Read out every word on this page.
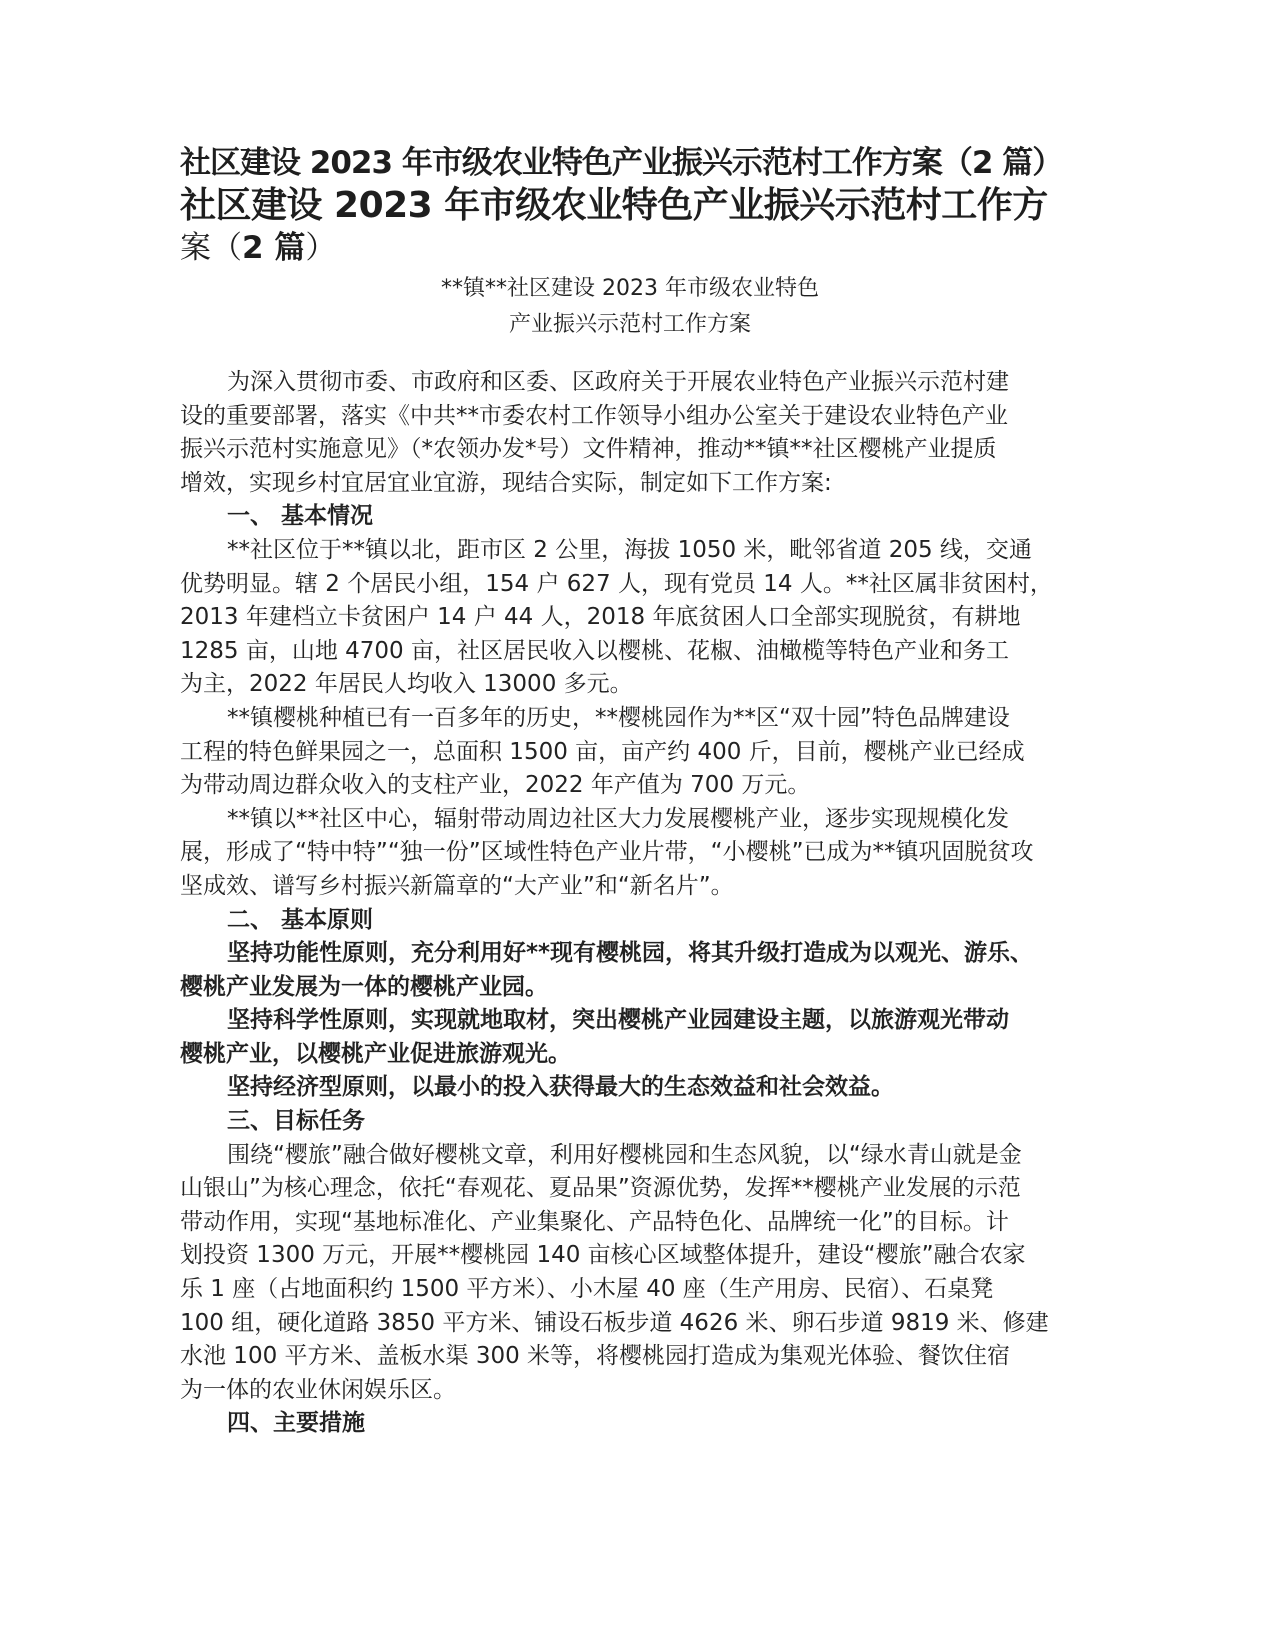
社区建设 2023 年市级农业特色产业振兴示范村工作方案（2 篇）
社区建设 2023 年市级农业特色产业振兴示范村工作方
案（2 篇）
**镇**社区建设 2023 年市级农业特色
产业振兴示范村工作方案

为深入贯彻市委、市政府和区委、区政府关于开展农业特色产业振兴示范村建
设的重要部署，落实《中共**市委农村工作领导小组办公室关于建设农业特色产业
振兴示范村实施意见》（*农领办发*号）文件精神，推动**镇**社区樱桃产业提质
增效，实现乡村宜居宜业宜游，现结合实际，制定如下工作方案:

一、 基本情况

**社区位于**镇以北，距市区 2 公里，海拔 1050 米，毗邻省道 205 线，交通
优势明显。辖 2 个居民小组，154 户 627 人，现有党员 14 人。**社区属非贫困村，
2013 年建档立卡贫困户 14 户 44 人，2018 年底贫困人口全部实现脱贫，有耕地
1285 亩，山地 4700 亩，社区居民收入以樱桃、花椒、油橄榄等特色产业和务工
为主，2022 年居民人均收入 13000 多元。

**镇樱桃种植已有一百多年的历史，**樱桃园作为**区“双十园”特色品牌建设
工程的特色鲜果园之一，总面积 1500 亩，亩产约 400 斤，目前，樱桃产业已经成
为带动周边群众收入的支柱产业，2022 年产值为 700 万元。

**镇以**社区中心，辐射带动周边社区大力发展樱桃产业，逐步实现规模化发
展，形成了“特中特”“独一份”区域性特色产业片带，“小樱桃”已成为**镇巩固脱贫攻
坚成效、谱写乡村振兴新篇章的“大产业”和“新名片”。

二、 基本原则

坚持功能性原则，充分利用好**现有樱桃园，将其升级打造成为以观光、游乐、
樱桃产业发展为一体的樱桃产业园。

坚持科学性原则，实现就地取材，突出樱桃产业园建设主题，以旅游观光带动
樱桃产业，以樱桃产业促进旅游观光。

坚持经济型原则，以最小的投入获得最大的生态效益和社会效益。

三、目标任务

围绕“樱旅”融合做好樱桃文章，利用好樱桃园和生态风貌，以“绿水青山就是金
山银山”为核心理念，依托“春观花、夏品果”资源优势，发挥**樱桃产业发展的示范
带动作用，实现“基地标准化、产业集聚化、产品特色化、品牌统一化”的目标。计
划投资 1300 万元，开展**樱桃园 140 亩核心区域整体提升，建设“樱旅”融合农家
乐 1 座（占地面积约 1500 平方米）、小木屋 40 座（生产用房、民宿）、石桌凳
100 组，硬化道路 3850 平方米、铺设石板步道 4626 米、卵石步道 9819 米、修建
水池 100 平方米、盖板水渠 300 米等，将樱桃园打造成为集观光体验、餐饮住宿
为一体的农业休闲娱乐区。

四、主要措施
